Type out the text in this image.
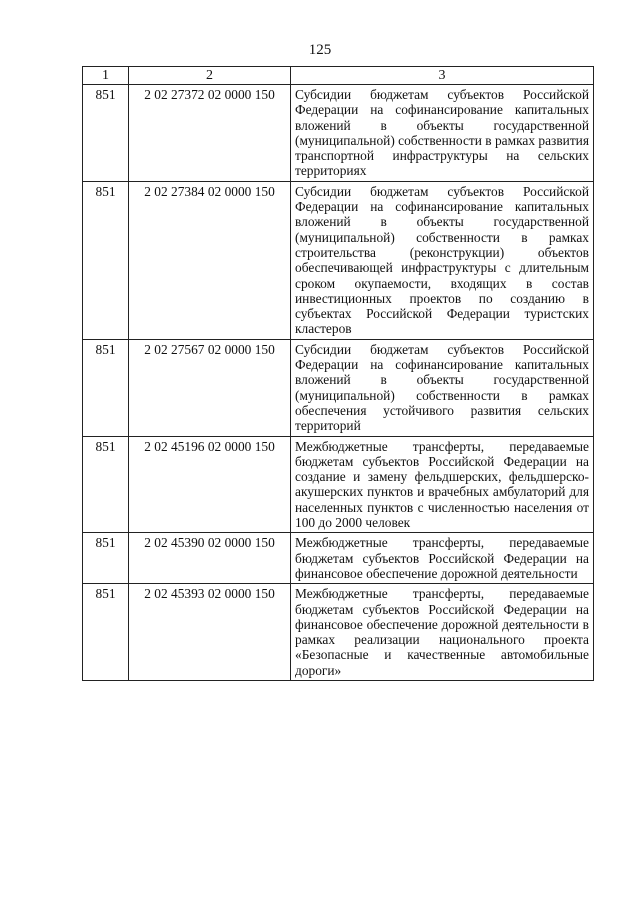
125
1	2	3
851	2 02 27372 02 0000 150	Субсидии бюджетам субъектов Российской Федерации на софинансирование капитальных вложений в объекты государственной (муниципальной) собственности в рамках развития транспортной инфраструктуры на сельских территориях
851	2 02 27384 02 0000 150	Субсидии бюджетам субъектов Российской Федерации на софинансирование капитальных вложений в объекты государственной (муниципальной) собственности в рамках строительства (реконструкции) объектов обеспечивающей инфраструктуры с длительным сроком окупаемости, входящих в состав инвестиционных проектов по созданию в субъектах Российской Федерации туристских кластеров
851	2 02 27567 02 0000 150	Субсидии бюджетам субъектов Российской Федерации на софинансирование капитальных вложений в объекты государственной (муниципальной) собственности в рамках обеспечения устойчивого развития сельских территорий
851	2 02 45196 02 0000 150	Межбюджетные трансферты, передаваемые бюджетам субъектов Российской Федерации на создание и замену фельдшерских, фельдшерско-акушерских пунктов и врачебных амбулаторий для населенных пунктов с численностью населения от 100 до 2000 человек
851	2 02 45390 02 0000 150	Межбюджетные трансферты, передаваемые бюджетам субъектов Российской Федерации на финансовое обеспечение дорожной деятельности
851	2 02 45393 02 0000 150	Межбюджетные трансферты, передаваемые бюджетам субъектов Российской Федерации на финансовое обеспечение дорожной деятельности в рамках реализации национального проекта «Безопасные и качественные автомобильные дороги»
